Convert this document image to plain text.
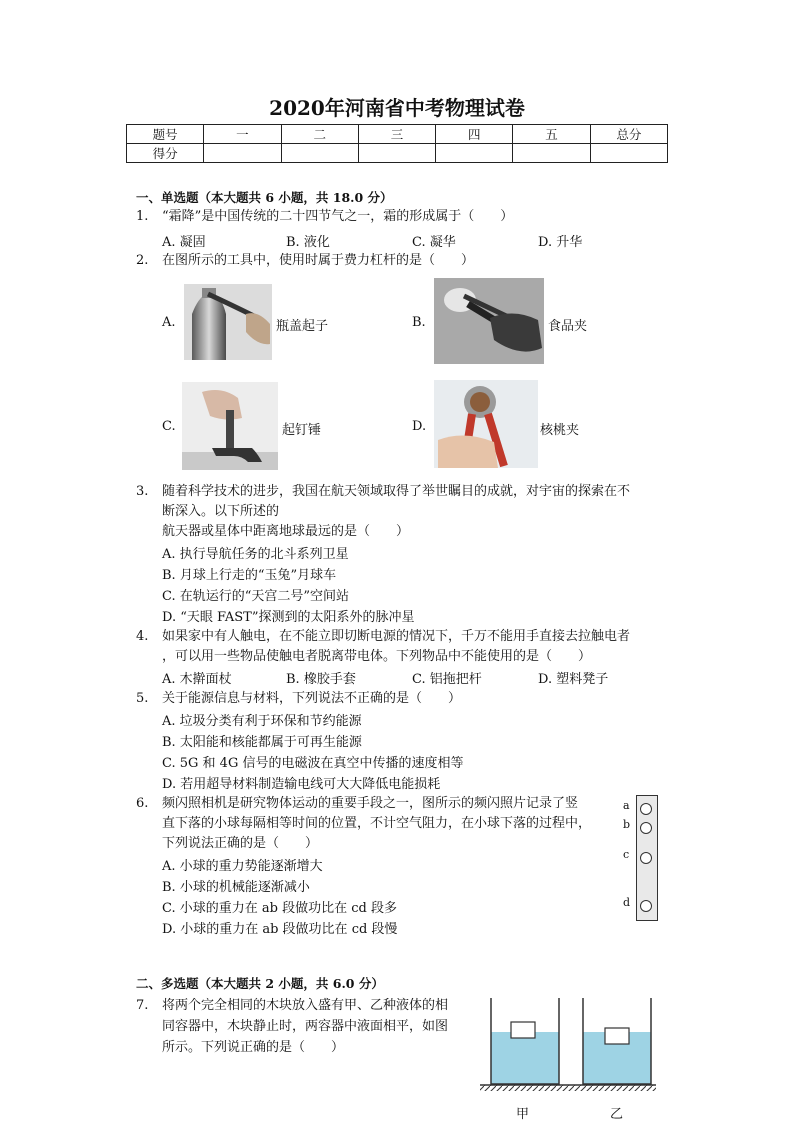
2020年河南省中考物理试卷
题号	一	二	三	四	五	总分
得分						
一、单选题（本大题共 6 小题，共 18.0 分）
1. “霜降”是中国传统的二十四节气之一，霜的形成属于（　　）
A. 凝固	B. 液化	C. 凝华	D. 升华
2. 在图所示的工具中，使用时属于费力杠杆的是（　　）
A.	瓶盖起子	B.	食品夹
C.	起钉锤	D.	核桃夹
3. 随着科学技术的进步，我国在航天领域取得了举世瞩目的成就，对宇宙的探索在不
断深入。以下所述的
航天器或星体中距离地球最远的是（　　）
A. 执行导航任务的北斗系列卫星
B. 月球上行走的“玉兔”月球车
C. 在轨运行的“天宫二号”空间站
D. “天眼 FAST”探测到的太阳系外的脉冲星
4. 如果家中有人触电，在不能立即切断电源的情况下，千万不能用手直接去拉触电者
，可以用一些物品使触电者脱离带电体。下列物品中不能使用的是（　　）
A. 木擀面杖	B. 橡胶手套	C. 铝拖把杆	D. 塑料凳子
5. 关于能源信息与材料，下列说法不正确的是（　　）
A. 垃圾分类有利于环保和节约能源
B. 太阳能和核能都属于可再生能源
C. 5G 和 4G 信号的电磁波在真空中传播的速度相等
D. 若用超导材料制造输电线可大大降低电能损耗
6. 频闪照相机是研究物体运动的重要手段之一，图所示的频闪照片记录了竖
直下落的小球每隔相等时间的位置，不计空气阻力，在小球下落的过程中，
下列说法正确的是（　　）
A. 小球的重力势能逐渐增大
B. 小球的机械能逐渐减小
C. 小球的重力在 ab 段做功比在 cd 段多
D. 小球的重力在 ab 段做功比在 cd 段慢
a
b
c
d
二、多选题（本大题共 2 小题，共 6.0 分）
7. 将两个完全相同的木块放入盛有甲、乙种液体的相
同容器中，木块静止时，两容器中液面相平，如图
所示。下列说正确的是（　　）
甲	乙
